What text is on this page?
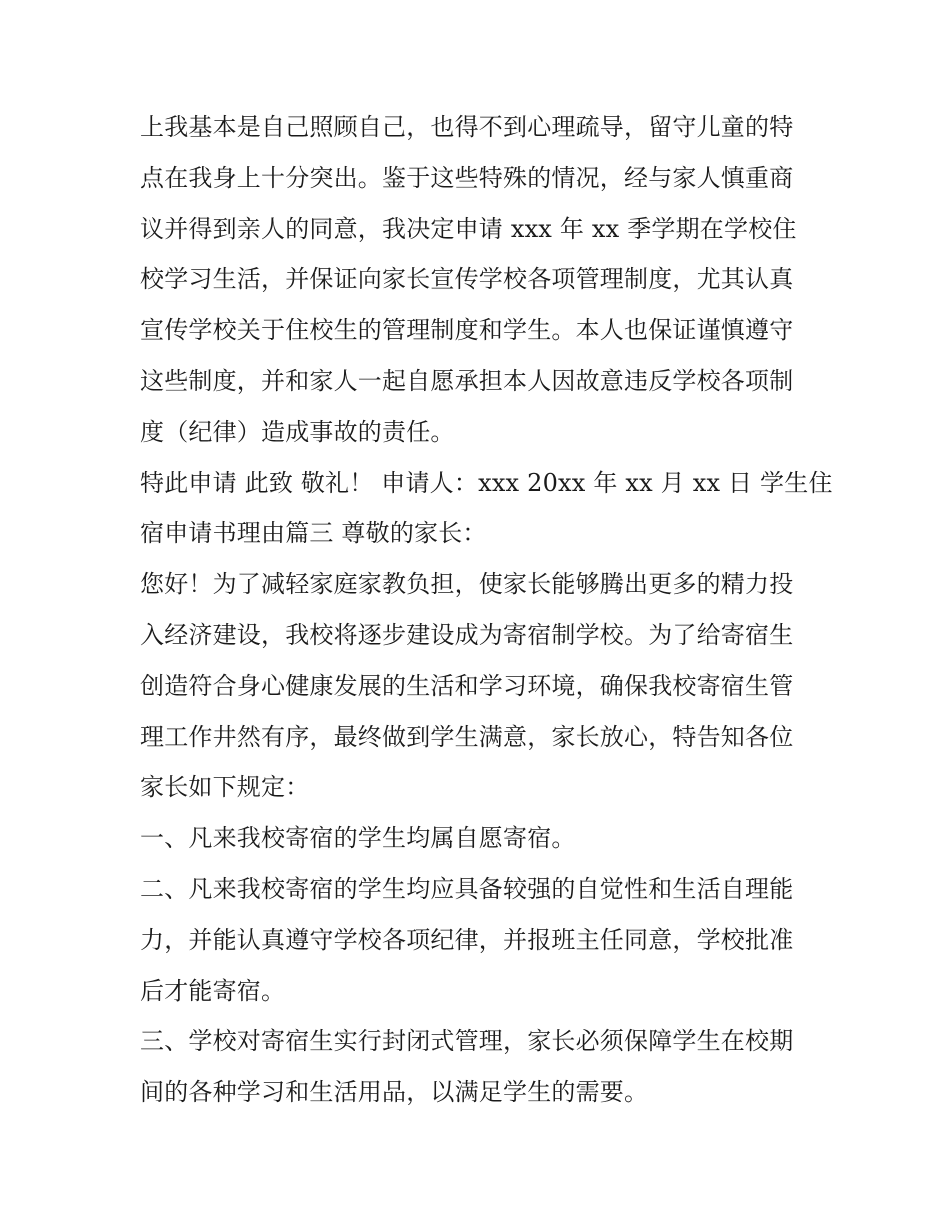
上我基本是自己照顾自己，也得不到心理疏导，留守儿童的特
点在我身上十分突出。鉴于这些特殊的情况，经与家人慎重商
议并得到亲人的同意，我决定申请 xxx 年 xx 季学期在学校住
校学习生活，并保证向家长宣传学校各项管理制度，尤其认真
宣传学校关于住校生的管理制度和学生。本人也保证谨慎遵守
这些制度，并和家人一起自愿承担本人因故意违反学校各项制
度（纪律）造成事故的责任。
特此申请 此致 敬礼！ 申请人：xxx 20xx 年 xx 月 xx 日 学生住
宿申请书理由篇三 尊敬的家长：
您好！为了减轻家庭家教负担，使家长能够腾出更多的精力投
入经济建设，我校将逐步建设成为寄宿制学校。为了给寄宿生
创造符合身心健康发展的生活和学习环境，确保我校寄宿生管
理工作井然有序，最终做到学生满意，家长放心，特告知各位
家长如下规定：
一、凡来我校寄宿的学生均属自愿寄宿。
二、凡来我校寄宿的学生均应具备较强的自觉性和生活自理能
力，并能认真遵守学校各项纪律，并报班主任同意，学校批准
后才能寄宿。
三、学校对寄宿生实行封闭式管理，家长必须保障学生在校期
间的各种学习和生活用品，以满足学生的需要。
